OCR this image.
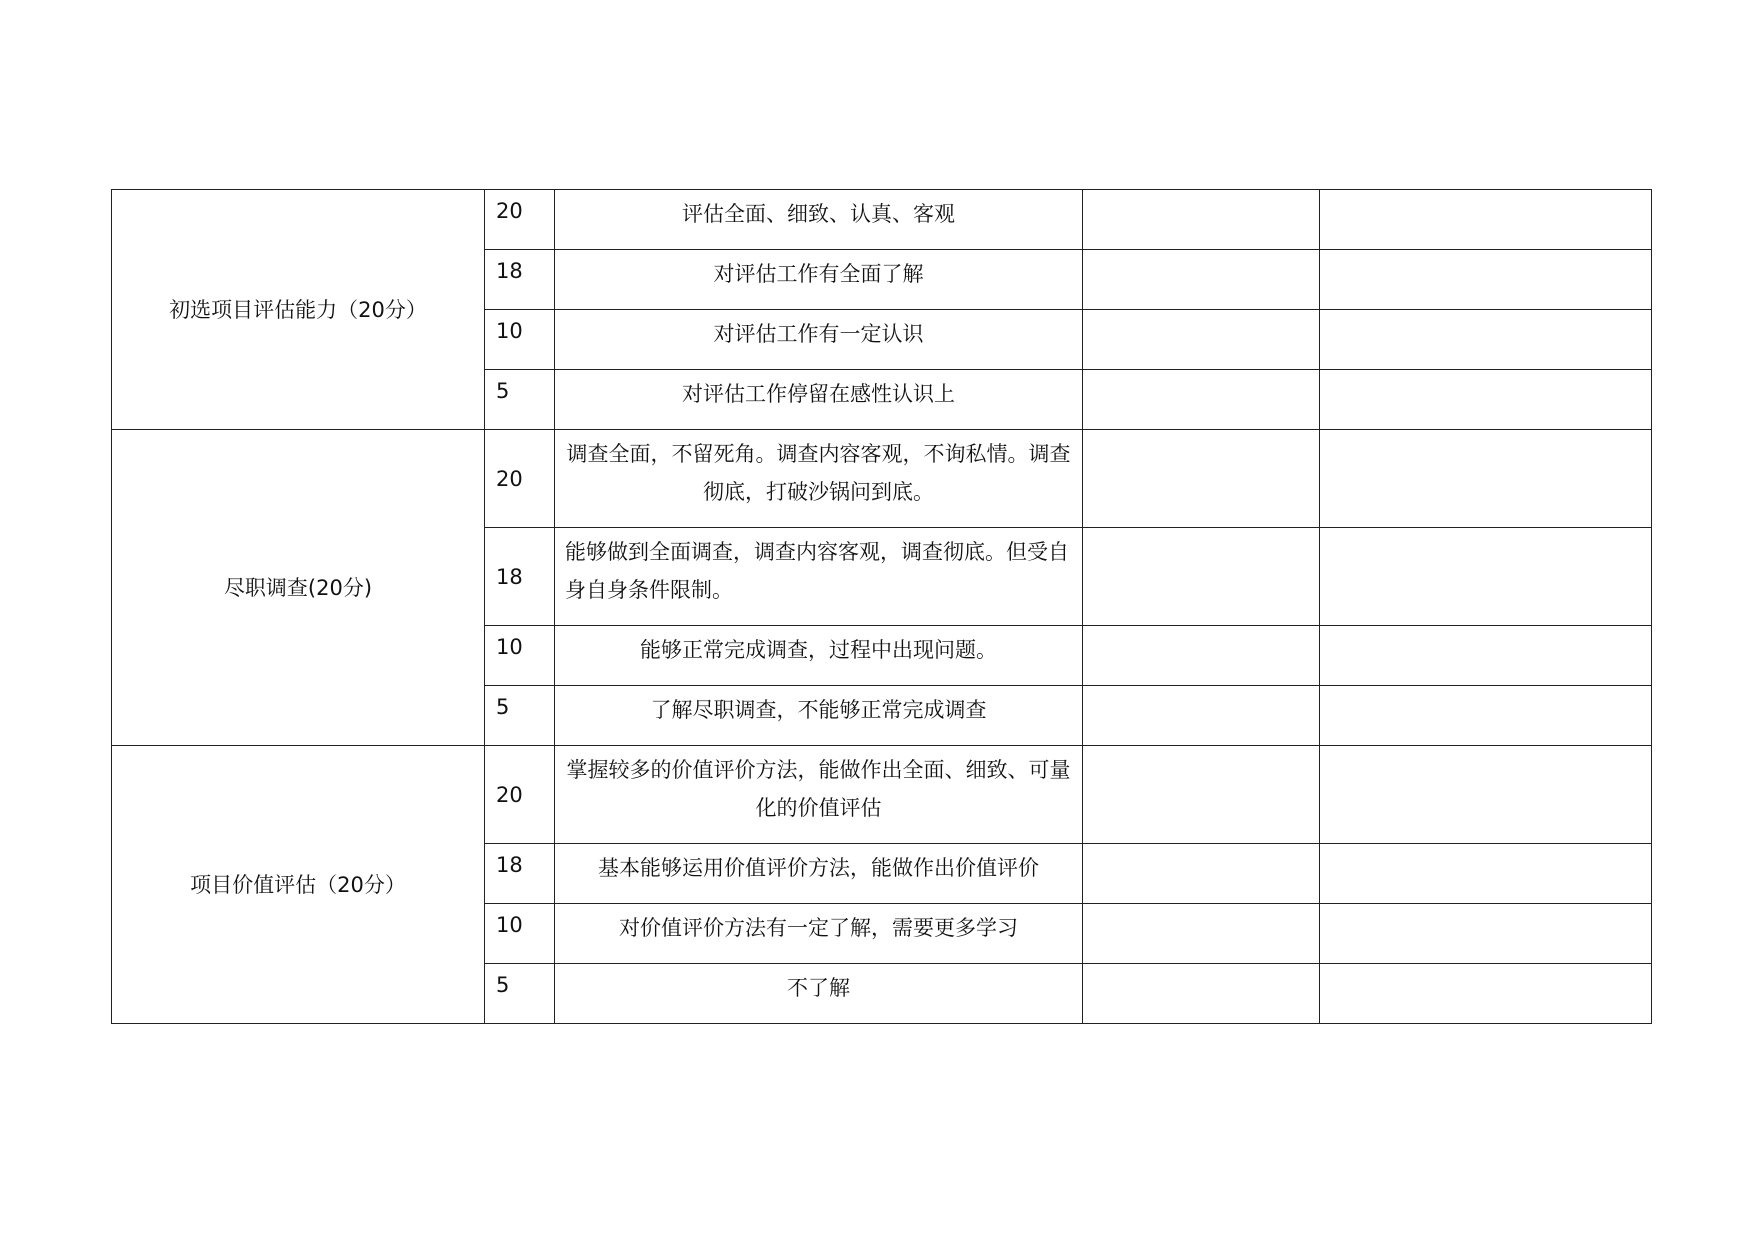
初选项目评估能力（20分）	20	评估全面、细致、认真、客观		
	18	对评估工作有全面了解		
	10	对评估工作有一定认识		
	5	对评估工作停留在感性认识上		
尽职调查(20分)	20	调查全面，不留死角。调查内容客观，不询私情。调查彻底，打破沙锅问到底。		
	18	能够做到全面调查，调查内容客观，调查彻底。但受自身自身条件限制。		
	10	能够正常完成调查，过程中出现问题。		
	5	了解尽职调查，不能够正常完成调查		
项目价值评估（20分）	20	掌握较多的价值评价方法，能做作出全面、细致、可量化的价值评估		
	18	基本能够运用价值评价方法，能做作出价值评价		
	10	对价值评价方法有一定了解，需要更多学习		
	5	不了解		
